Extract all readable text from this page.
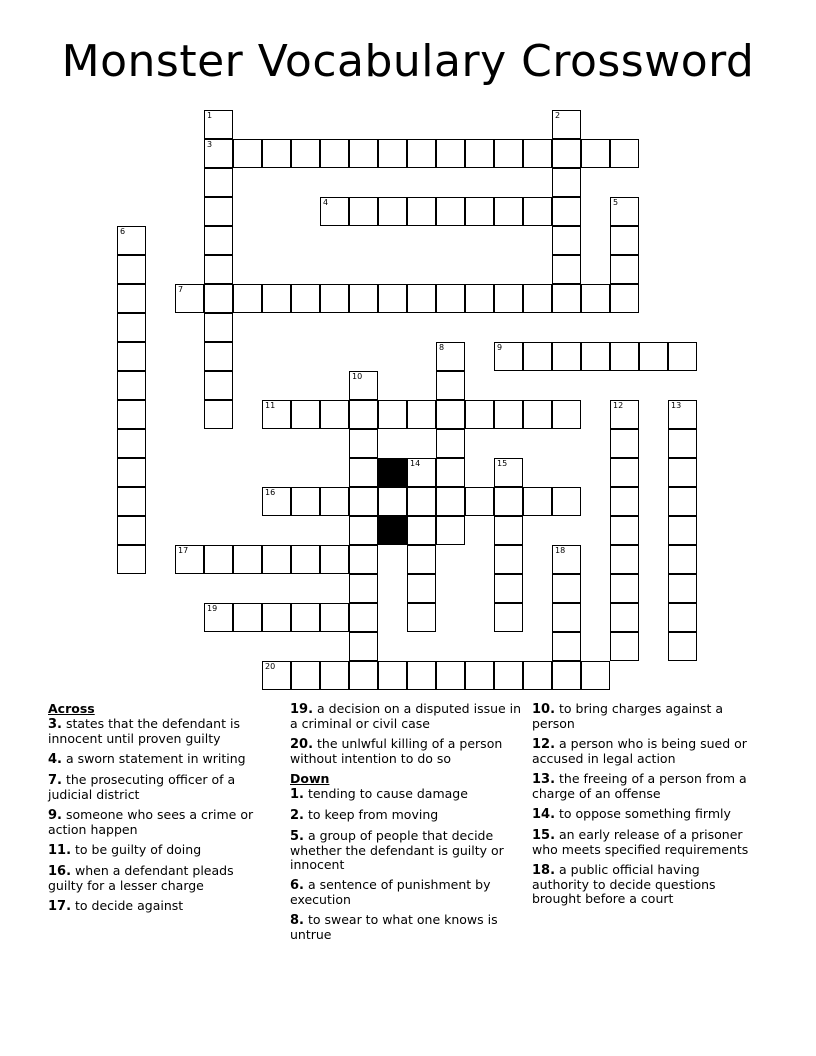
Monster Vocabulary Crossword
1	2
3
4	5
6
7
8	9
10
11	12	13
14	15
16
17	18
19
20
Across
3. states that the defendant is innocent until proven guilty
4. a sworn statement in writing
7. the prosecuting officer of a judicial district
9. someone who sees a crime or action happen
11. to be guilty of doing
16. when a defendant pleads guilty for a lesser charge
17. to decide against
19. a decision on a disputed issue in a criminal or civil case
20. the unlwful killing of a person without intention to do so
Down
1. tending to cause damage
2. to keep from moving
5. a group of people that decide whether the defendant is guilty or innocent
6. a sentence of punishment by execution
8. to swear to what one knows is untrue
10. to bring charges against a person
12. a person who is being sued or accused in legal action
13. the freeing of a person from a charge of an offense
14. to oppose something firmly
15. an early release of a prisoner who meets specified requirements
18. a public official having authority to decide questions brought before a court
